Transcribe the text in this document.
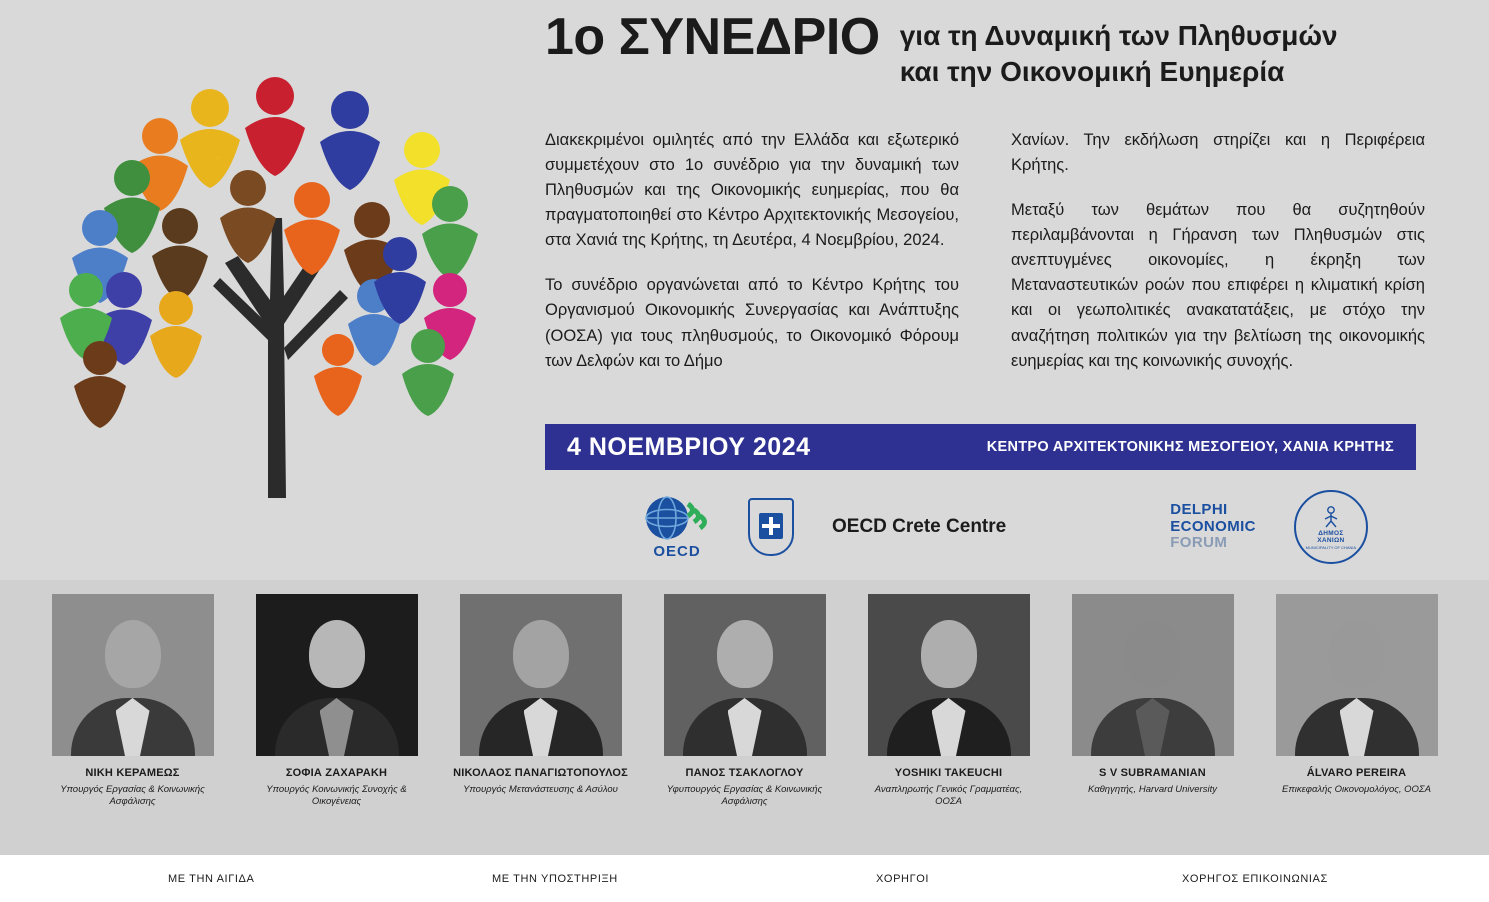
1ο ΣΥΝΕΔΡΙΟ για τη Δυναμική των Πληθυσμών
και την Οικονομική Ευημερία

Διακεκριμένοι ομιλητές από την Ελλάδα και εξωτερικό συμμετέχουν στο 1ο συνέδριο για την δυναμική των Πληθυσμών και της Οικονομικής ευημερίας, που θα πραγματοποιηθεί στο Κέντρο Αρχιτεκτονικής Μεσογείου, στα Χανιά της Κρήτης, τη Δευτέρα, 4 Νοεμβρίου, 2024.

Το συνέδριο οργανώνεται από το Κέντρο Κρήτης του Οργανισμού Οικονομικής Συνεργασίας και Ανάπτυξης (ΟΟΣΑ) για τους πληθυσμούς, το Οικονομικό Φόρουμ των Δελφών και το Δήμο

Χανίων. Την εκδήλωση στηρίζει και η Περιφέρεια Κρήτης.

Μεταξύ των θεμάτων που θα συζητηθούν περιλαμβάνονται η Γήρανση των Πληθυσμών στις ανεπτυγμένες οικονομίες, η έκρηξη των Μεταναστευτικών ροών που επιφέρει η κλιματική κρίση και οι γεωπολιτικές ανακατατάξεις, με στόχο την αναζήτηση πολιτικών για την βελτίωση της οικονομικής ευημερίας και της κοινωνικής συνοχής.

4 ΝΟΕΜΒΡΙΟΥ 2024	ΚΕΝΤΡΟ ΑΡΧΙΤΕΚΤΟΝΙΚΗΣ ΜΕΣΟΓΕΙΟΥ, ΧΑΝΙΑ ΚΡΗΤΗΣ
OECD
OECD Crete Centre
DELPHI
ECONOMIC
FORUM
ΔΗΜΟΣ
ΧΑΝΙΩΝ
MUNICIPALITY OF CHANIA
ΝΙΚΗ ΚΕΡΑΜΕΩΣ
Υπουργός Εργασίας & Κοινωνικής Ασφάλισης
ΣΟΦΙΑ ΖΑΧΑΡΑΚΗ
Υπουργός Κοινωνικής Συνοχής & Οικογένειας
ΝΙΚΟΛΑΟΣ ΠΑΝΑΓΙΩΤΟΠΟΥΛΟΣ
Υπουργός Μετανάστευσης & Ασύλου
ΠΑΝΟΣ ΤΣΑΚΛΟΓΛΟΥ
Υφυπουργός Εργασίας & Κοινωνικής Ασφάλισης
YOSHIKI TAKEUCHI
Αναπληρωτής Γενικός Γραμματέας, ΟΟΣΑ
S V SUBRAMANIAN
Καθηγητής, Harvard University
ÁLVARO PEREIRA
Επικεφαλής Οικονομολόγος, ΟΟΣΑ
ΜΕ ΤΗΝ ΑΙΓΙΔΑ	ΜΕ ΤΗΝ ΥΠΟΣΤΗΡΙΞΗ	ΧΟΡΗΓΟΙ	ΧΟΡΗΓΟΣ ΕΠΙΚΟΙΝΩΝΙΑΣ
